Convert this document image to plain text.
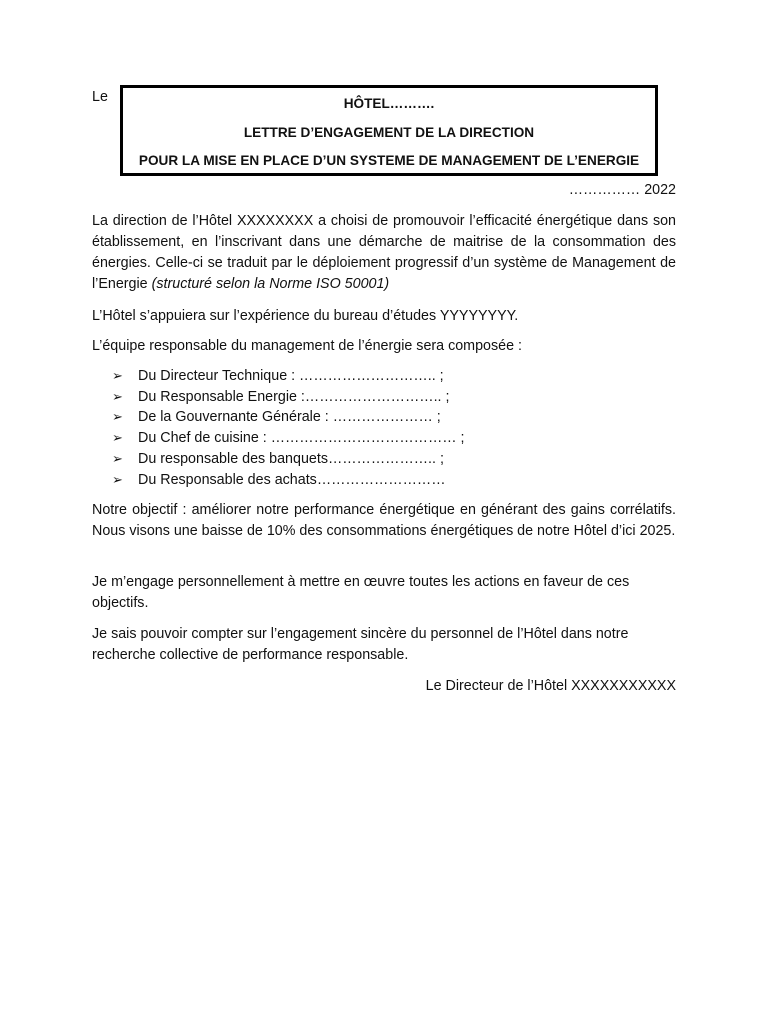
Le	HÔTEL……….
LETTRE D’ENGAGEMENT DE LA DIRECTION
POUR LA MISE EN PLACE D’UN SYSTEME DE MANAGEMENT DE L’ENERGIE
…………… 2022
La direction de l’Hôtel XXXXXXXX a choisi de promouvoir l’efficacité énergétique dans son établissement, en l’inscrivant dans une démarche de maitrise de la consommation des énergies. Celle-ci se traduit par le déploiement progressif d’un système de Management de l’Energie (structuré selon la Norme ISO 50001)
L’Hôtel s’appuiera sur l’expérience du bureau d’études YYYYYYYY.
L’équipe responsable du management de l’énergie sera composée :
➢	Du Directeur Technique : ……………………….. ;
➢	Du Responsable Energie :……………………….. ;
➢	De la Gouvernante Générale : ………………… ;
➢	Du Chef de cuisine : ………………………………… ;
➢	Du responsable des banquets………………….. ;
➢	Du Responsable des achats………………………
Notre objectif : améliorer notre performance énergétique en générant des gains corrélatifs. Nous visons une baisse de 10% des consommations énergétiques de notre Hôtel d’ici 2025.
Je m’engage personnellement à mettre en œuvre toutes les actions en faveur de ces objectifs.
Je sais pouvoir compter sur l’engagement sincère du personnel de l’Hôtel dans notre recherche collective de performance responsable.
Le Directeur de l’Hôtel XXXXXXXXXXX
